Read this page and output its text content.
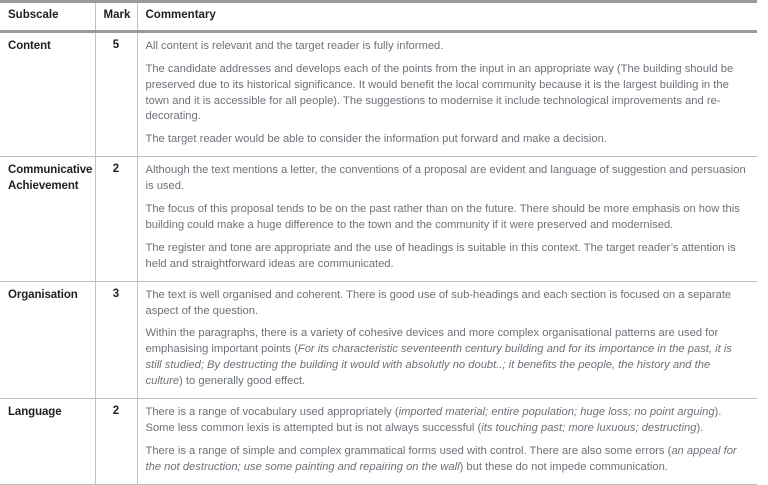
Subscale	Mark	Commentary
Content	5	All content is relevant and the target reader is fully informed.

The candidate addresses and develops each of the points from the input in an appropriate way (The building should be preserved due to its historical significance. It would benefit the local community because it is the largest building in the town and it is accessible for all people). The suggestions to modernise it include technological improvements and re-decorating.

The target reader would be able to consider the information put forward and make a decision.

Communicative Achievement	2	Although the text mentions a letter, the conventions of a proposal are evident and language of suggestion and persuasion is used.

The focus of this proposal tends to be on the past rather than on the future. There should be more emphasis on how this building could make a huge difference to the town and the community if it were preserved and modernised.

The register and tone are appropriate and the use of headings is suitable in this context. The target reader’s attention is held and straightforward ideas are communicated.

Organisation	3	The text is well organised and coherent. There is good use of sub-headings and each section is focused on a separate aspect of the question.

Within the paragraphs, there is a variety of cohesive devices and more complex organisational patterns are used for emphasising important points (For its characteristic seventeenth century building and for its importance in the past, it is still studied; By destructing the building it would with absolutly no doubt..; it benefits the people, the history and the culture) to generally good effect.

Language	2	There is a range of vocabulary used appropriately (imported material; entire population; huge loss; no point arguing). Some less common lexis is attempted but is not always successful (its touching past; more luxuous; destructing).

There is a range of simple and complex grammatical forms used with control. There are also some errors (an appeal for the not destruction; use some painting and repairing on the wall) but these do not impede communication.
